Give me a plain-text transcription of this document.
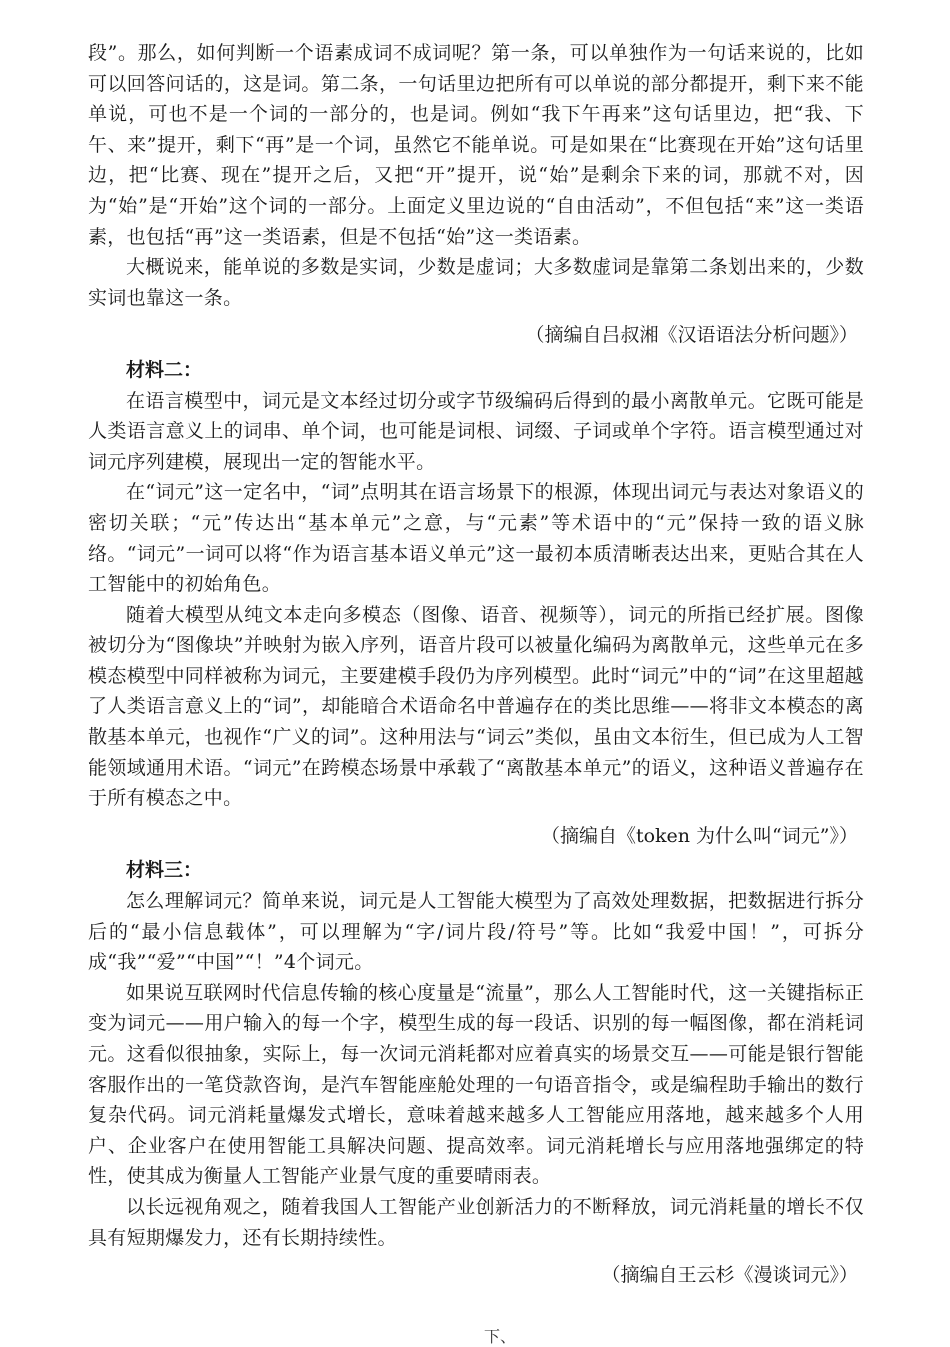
段”。那么，如何判断一个语素成词不成词呢？第一条，可以单独作为一句话来说的，比如可以回答问话的，这是词。第二条，一句话里边把所有可以单说的部分都提开，剩下来不能单说，可也不是一个词的一部分的，也是词。例如“我下午再来”这句话里边，把“我、下午、来”提开，剩下“再”是一个词，虽然它不能单说。可是如果在“比赛现在开始”这句话里边，把“比赛、现在”提开之后，又把“开”提开，说“始”是剩余下来的词，那就不对，因为“始”是“开始”这个词的一部分。上面定义里边说的“自由活动”，不但包括“来”这一类语素，也包括“再”这一类语素，但是不包括“始”这一类语素。

大概说来，能单说的多数是实词，少数是虚词；大多数虚词是靠第二条划出来的，少数实词也靠这一条。

（摘编自吕叔湘《汉语语法分析问题》）

材料二：

在语言模型中，词元是文本经过切分或字节级编码后得到的最小离散单元。它既可能是人类语言意义上的词串、单个词，也可能是词根、词缀、子词或单个字符。语言模型通过对词元序列建模，展现出一定的智能水平。

在“词元”这一定名中，“词”点明其在语言场景下的根源，体现出词元与表达对象语义的密切关联；“元”传达出“基本单元”之意，与“元素”等术语中的“元”保持一致的语义脉络。“词元”一词可以将“作为语言基本语义单元”这一最初本质清晰表达出来，更贴合其在人工智能中的初始角色。

随着大模型从纯文本走向多模态（图像、语音、视频等），词元的所指已经扩展。图像被切分为“图像块”并映射为嵌入序列，语音片段可以被量化编码为离散单元，这些单元在多模态模型中同样被称为词元，主要建模手段仍为序列模型。此时“词元”中的“词”在这里超越了人类语言意义上的“词”，却能暗合术语命名中普遍存在的类比思维——将非文本模态的离散基本单元，也视作“广义的词”。这种用法与“词云”类似，虽由文本衍生，但已成为人工智能领域通用术语。“词元”在跨模态场景中承载了“离散基本单元”的语义，这种语义普遍存在于所有模态之中。

（摘编自《token 为什么叫“词元”》）

材料三：

怎么理解词元？简单来说，词元是人工智能大模型为了高效处理数据，把数据进行拆分后的“最小信息载体”，可以理解为“字/词片段/符号”等。比如“我爱中国！”，可拆分成“我”“爱”“中国”“！”4个词元。

如果说互联网时代信息传输的核心度量是“流量”，那么人工智能时代，这一关键指标正变为词元——用户输入的每一个字，模型生成的每一段话、识别的每一幅图像，都在消耗词元。这看似很抽象，实际上，每一次词元消耗都对应着真实的场景交互——可能是银行智能客服作出的一笔贷款咨询，是汽车智能座舱处理的一句语音指令，或是编程助手输出的数行复杂代码。词元消耗量爆发式增长，意味着越来越多人工智能应用落地，越来越多个人用户、企业客户在使用智能工具解决问题、提高效率。词元消耗增长与应用落地强绑定的特性，使其成为衡量人工智能产业景气度的重要晴雨表。

以长远视角观之，随着我国人工智能产业创新活力的不断释放，词元消耗量的增长不仅具有短期爆发力，还有长期持续性。

（摘编自王云杉《漫谈词元》）

下、
